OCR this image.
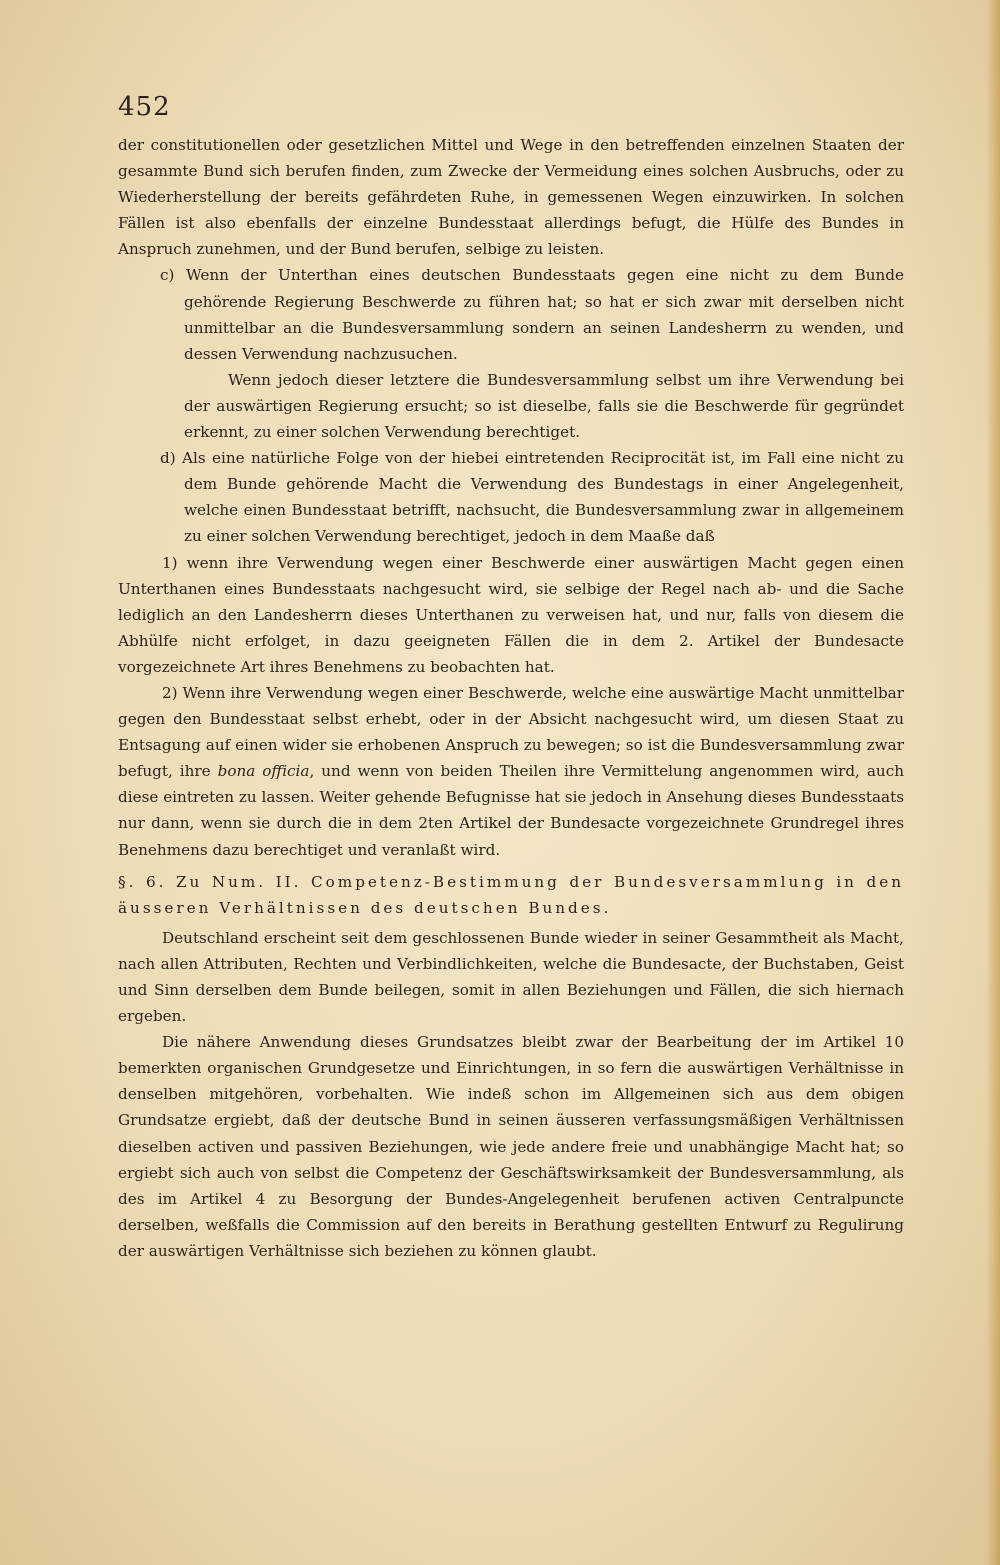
452

der constitutionellen oder gesetzlichen Mittel und Wege in den betreffenden einzelnen Staaten der gesammte Bund sich berufen finden, zum Zwecke der Vermeidung eines solchen Ausbruchs, oder zu Wiederherstellung der bereits gefährdeten Ruhe, in gemessenen Wegen einzuwirken. In solchen Fällen ist also ebenfalls der einzelne Bundesstaat allerdings befugt, die Hülfe des Bundes in Anspruch zunehmen, und der Bund berufen, selbige zu leisten.

c) Wenn der Unterthan eines deutschen Bundesstaats gegen eine nicht zu dem Bunde gehörende Regierung Beschwerde zu führen hat; so hat er sich zwar mit derselben nicht unmittelbar an die Bundesversammlung sondern an seinen Landesherrn zu wenden, und dessen Verwendung nachzusuchen.

Wenn jedoch dieser letztere die Bundesversammlung selbst um ihre Verwendung bei der auswärtigen Regierung ersucht; so ist dieselbe, falls sie die Beschwerde für gegründet erkennt, zu einer solchen Verwendung berechtiget.

d) Als eine natürliche Folge von der hiebei eintretenden Reciprocität ist, im Fall eine nicht zu dem Bunde gehörende Macht die Verwendung des Bundestags in einer Angelegenheit, welche einen Bundesstaat betrifft, nachsucht, die Bundesversammlung zwar in allgemeinem zu einer solchen Verwendung berechtiget, jedoch in dem Maaße daß

1) wenn ihre Verwendung wegen einer Beschwerde einer auswärtigen Macht gegen einen Unterthanen eines Bundesstaats nachgesucht wird, sie selbige der Regel nach ab- und die Sache lediglich an den Landesherrn dieses Unterthanen zu verweisen hat, und nur, falls von diesem die Abhülfe nicht erfolget, in dazu geeigneten Fällen die in dem 2. Artikel der Bundesacte vorgezeichnete Art ihres Benehmens zu beobachten hat.

2) Wenn ihre Verwendung wegen einer Beschwerde, welche eine auswärtige Macht unmittelbar gegen den Bundesstaat selbst erhebt, oder in der Absicht nachgesucht wird, um diesen Staat zu Entsagung auf einen wider sie erhobenen Anspruch zu bewegen; so ist die Bundesversammlung zwar befugt, ihre bona officia, und wenn von beiden Theilen ihre Vermittelung angenommen wird, auch diese eintreten zu lassen. Weiter gehende Befugnisse hat sie jedoch in Ansehung dieses Bundesstaats nur dann, wenn sie durch die in dem 2ten Artikel der Bundesacte vorgezeichnete Grundregel ihres Benehmens dazu berechtiget und veranlaßt wird.

§. 6. Zu Num. II. Competenz-Bestimmung der Bundesversammlung in den äusseren Verhältnissen des deutschen Bundes.

Deutschland erscheint seit dem geschlossenen Bunde wieder in seiner Gesammtheit als Macht, nach allen Attributen, Rechten und Verbindlichkeiten, welche die Bundesacte, der Buchstaben, Geist und Sinn derselben dem Bunde beilegen, somit in allen Beziehungen und Fällen, die sich hiernach ergeben.

Die nähere Anwendung dieses Grundsatzes bleibt zwar der Bearbeitung der im Artikel 10 bemerkten organischen Grundgesetze und Einrichtungen, in so fern die auswärtigen Verhältnisse in denselben mitgehören, vorbehalten. Wie indeß schon im Allgemeinen sich aus dem obigen Grundsatze ergiebt, daß der deutsche Bund in seinen äusseren verfassungsmäßigen Verhältnissen dieselben activen und passiven Beziehungen, wie jede andere freie und unabhängige Macht hat; so ergiebt sich auch von selbst die Competenz der Geschäftswirksamkeit der Bundesversammlung, als des im Artikel 4 zu Besorgung der Bundes-Angelegenheit berufenen activen Centralpuncte derselben, weßfalls die Commission auf den bereits in Berathung gestellten Entwurf zu Regulirung der auswärtigen Verhältnisse sich beziehen zu können glaubt.
